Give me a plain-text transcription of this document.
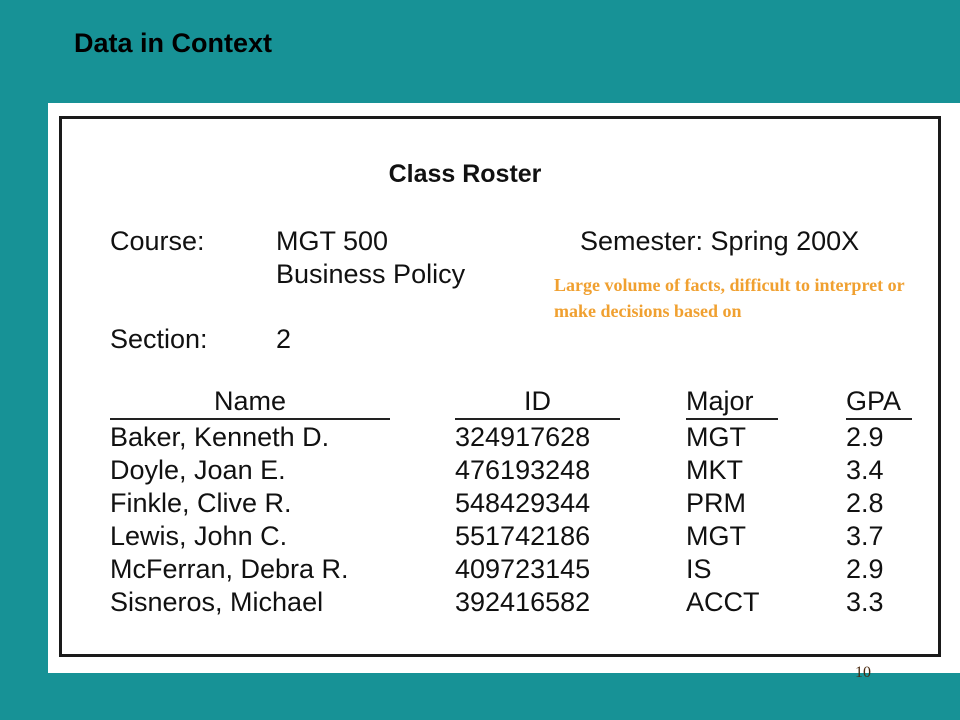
Data in Context
Class Roster
Course:	MGT 500
Business Policy
Semester: Spring 200X
Section:	2
Large volume of facts, difficult to interpret or make decisions based on
Name	ID	Major	GPA
Baker, Kenneth D.	324917628	MGT	2.9
Doyle, Joan E.	476193248	MKT	3.4
Finkle, Clive R.	548429344	PRM	2.8
Lewis, John C.	551742186	MGT	3.7
McFerran, Debra R.	409723145	IS	2.9
Sisneros, Michael	392416582	ACCT	3.3
10
